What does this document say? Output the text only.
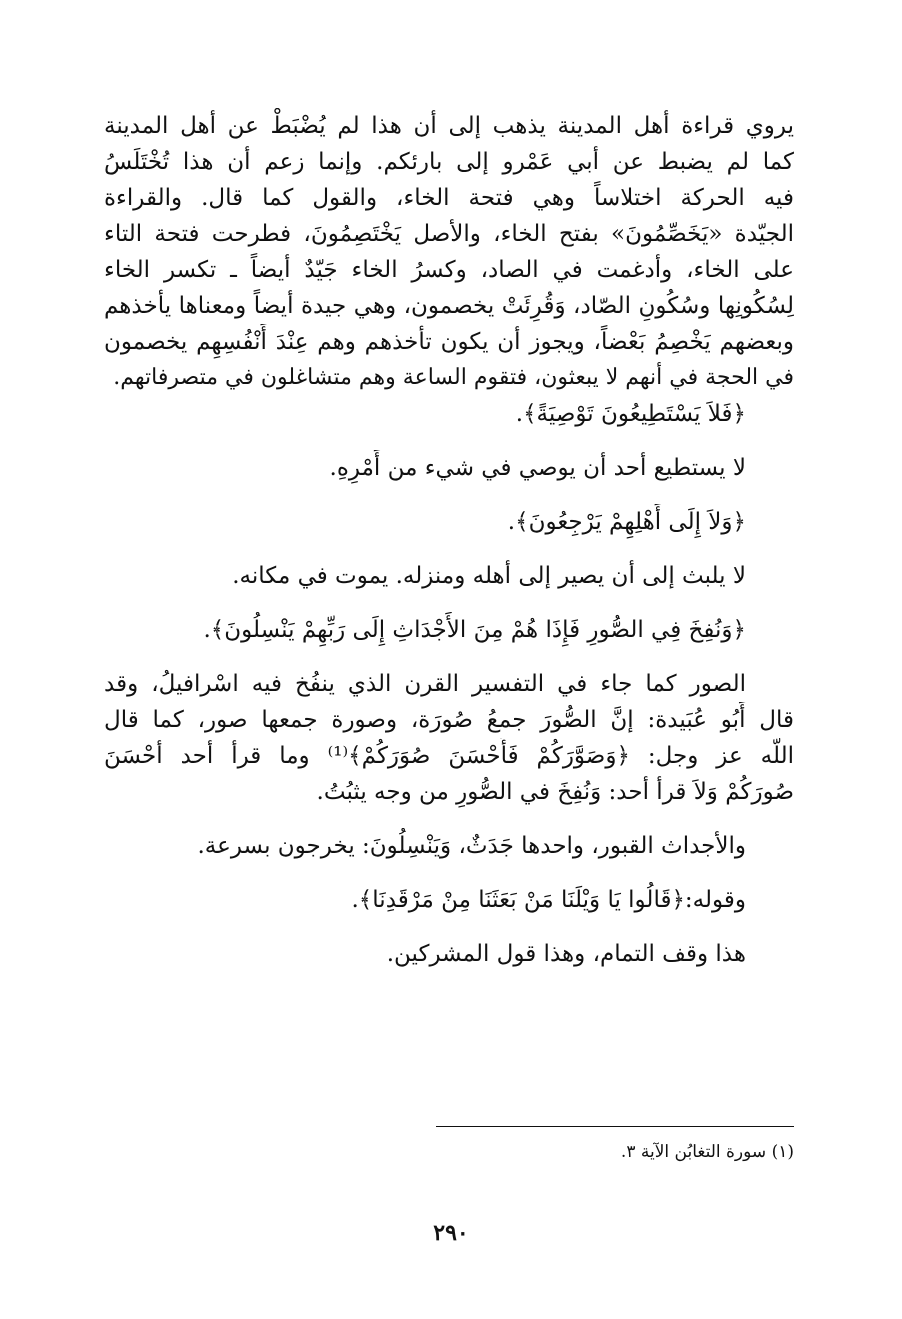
يروي قراءة أهل المدينة يذهب إلى أن هذا لم يُضْبَطْ عن أهل المدينة
كما لم يضبط عن أبي عَمْرو إلى بارئكم. وإنما زعم أن هذا تُخْتَلَسُ
فيه الحركة اختلاساً وهي فتحة الخاء، والقول كما قال. والقراءة
الجيّدة «يَخَصِّمُونَ» بفتح الخاء، والأصل يَخْتَصِمُونَ، فطرحت فتحة التاء
على الخاء، وأدغمت في الصاد، وكسرُ الخاء جَيّدٌ أيضاً ـ تكسر الخاء
لِسُكُونِها وسُكُونِ الصّاد، وَقُرِئَتْ يخصمون، وهي جيدة أيضاً ومعناها يأخذهم
وبعضهم يَخْصِمُ بَعْضاً، ويجوز أن يكون تأخذهم وهم عِنْدَ أَنْفُسِهِم يخصمون
في الحجة في أنهم لا يبعثون، فتقوم الساعة وهم متشاغلون في متصرفاتهم.
﴿فَلاَ يَسْتَطِيعُونَ تَوْصِيَةً﴾.
لا يستطيع أحد أن يوصي في شيء من أَمْرِهِ.
﴿وَلاَ إِلَى أَهْلِهِمْ يَرْجِعُونَ﴾.
لا يلبث إلى أن يصير إلى أهله ومنزله. يموت في مكانه.
﴿وَنُفِخَ فِي الصُّورِ فَإِذَا هُمْ مِنَ الأَجْدَاثِ إِلَى رَبِّهِمْ يَنْسِلُونَ﴾.
الصور كما جاء في التفسير القرن الذي ينفُخ فيه اسْرافيلُ، وقد
قال أَبُو عُبَيدة: إنَّ الصُّورَ جمعُ صُورَة، وصورة جمعها صور، كما قال
اللّه عز وجل: ﴿وَصَوَّرَكُمْ فَأَحْسَنَ صُوَرَكُمْ﴾⁽¹⁾ وما قرأ أحد أحْسَنَ
صُورَكُمْ وَلاَ قرأ أحد: وَنُفِخَ في الصُّورِ من وجه يثبُتُ.
والأجداث القبور، واحدها جَدَثٌ، وَيَنْسِلُونَ: يخرجون بسرعة.
وقوله:﴿قَالُوا يَا وَيْلَنَا مَنْ بَعَثَنَا مِنْ مَرْقَدِنَا﴾.
هذا وقف التمام، وهذا قول المشركين.
(١) سورة التغابُن الآية ٣.
٢٩٠
